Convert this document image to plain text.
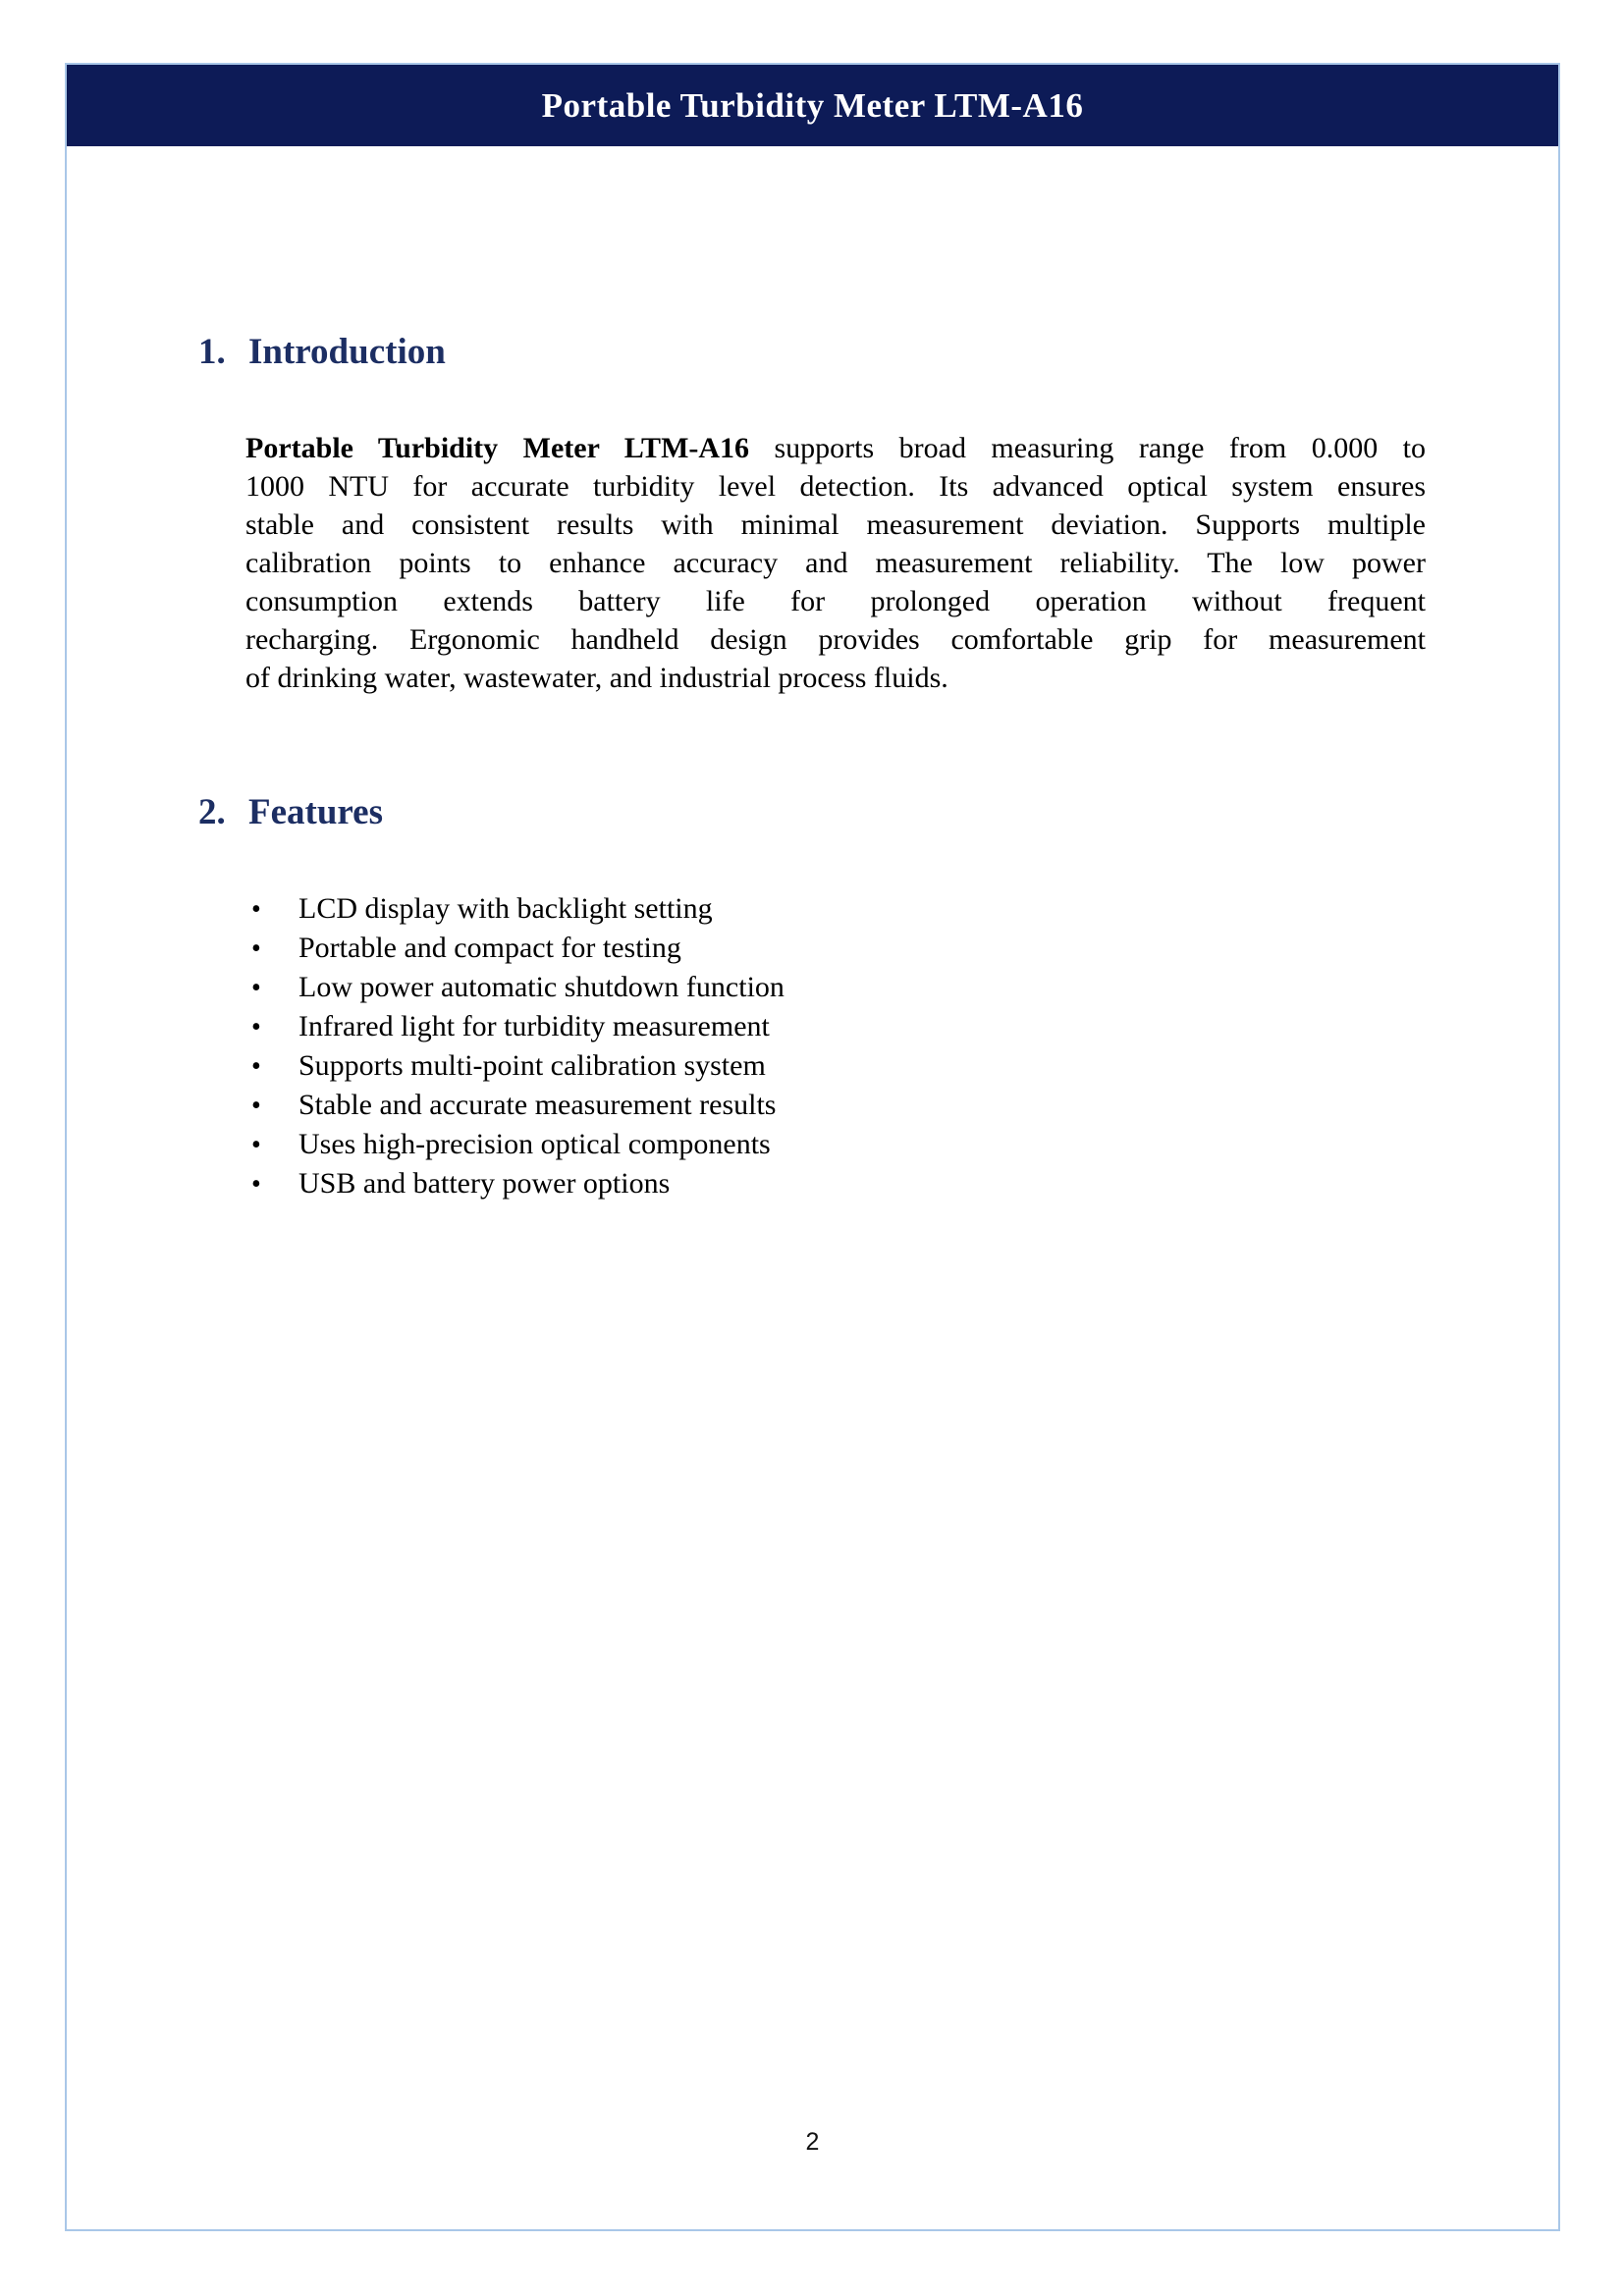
Portable Turbidity Meter LTM-A16
1. Introduction
Portable Turbidity Meter LTM-A16 supports broad measuring range from 0.000 to
1000 NTU for accurate turbidity level detection. Its advanced optical system ensures
stable and consistent results with minimal measurement deviation. Supports multiple
calibration points to enhance accuracy and measurement reliability. The low power
consumption extends battery life for prolonged operation without frequent
recharging. Ergonomic handheld design provides comfortable grip for measurement
of drinking water, wastewater, and industrial process fluids.
2. Features
•	LCD display with backlight setting
•	Portable and compact for testing
•	Low power automatic shutdown function
•	Infrared light for turbidity measurement
•	Supports multi-point calibration system
•	Stable and accurate measurement results
•	Uses high-precision optical components
•	USB and battery power options
2
